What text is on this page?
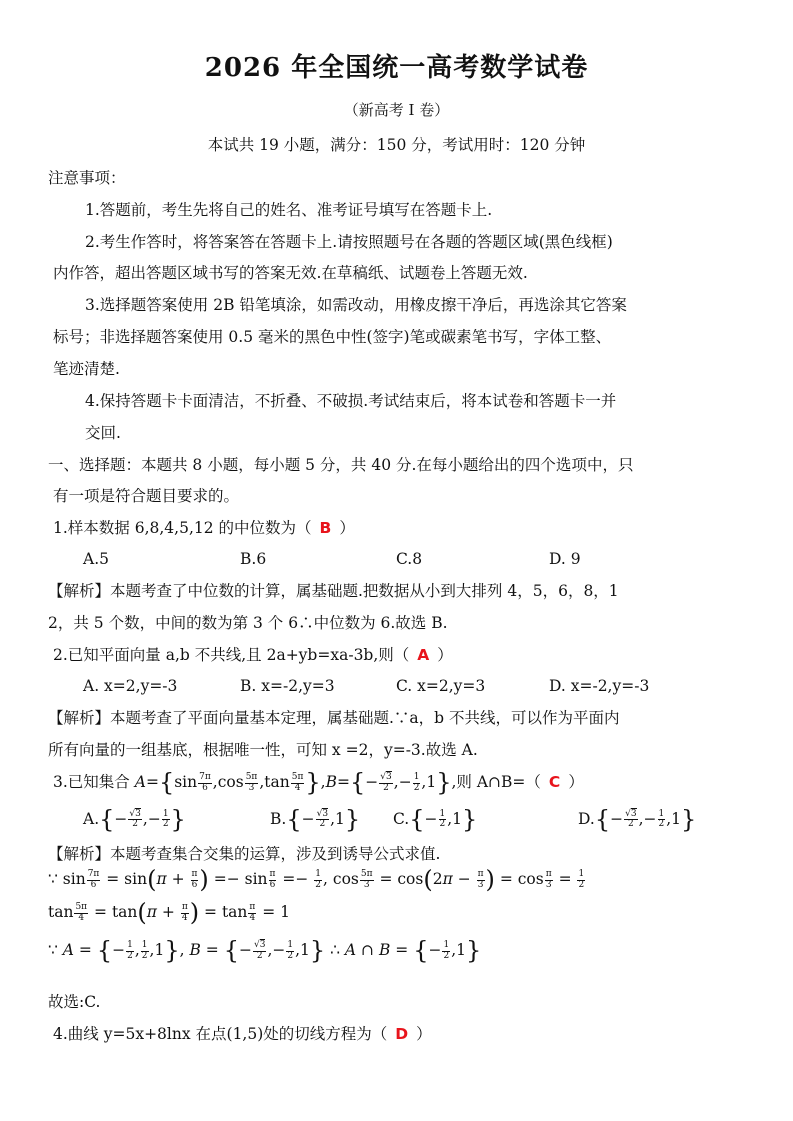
2026 年全国统一高考数学试卷
（新高考 I 卷）
本试共 19 小题，满分：150 分，考试用时：120 分钟
注意事项：
1.答题前，考生先将自己的姓名、准考证号填写在答题卡上.
2.考生作答时，将答案答在答题卡上.请按照题号在各题的答题区域(黑色线框)
内作答，超出答题区域书写的答案无效.在草稿纸、试题卷上答题无效.
3.选择题答案使用 2B 铅笔填涂，如需改动，用橡皮擦干净后，再选涂其它答案
标号；非选择题答案使用 0.5 毫米的黑色中性(签字)笔或碳素笔书写，字体工整、
笔迹清楚.
4.保持答题卡卡面清洁，不折叠、不破损.考试结束后，将本试卷和答题卡一并
交回.
一、选择题：本题共 8 小题，每小题 5 分，共 40 分.在每小题给出的四个选项中，只
有一项是符合题目要求的。
1.样本数据 6,8,4,5,12 的中位数为（ B ）
A.5	B.6	C.8	D. 9
【解析】本题考查了中位数的计算，属基础题.把数据从小到大排列 4，5，6，8，1
2，共 5 个数，中间的数为第 3 个 6∴中位数为 6.故选 B.
2.已知平面向量 a,b 不共线,且 2a+yb=xa-3b,则（ A ）
A. x=2,y=-3	B. x=-2,y=3	C. x=2,y=3	D. x=-2,y=-3
【解析】本题考查了平面向量基本定理，属基础题.∵a，b 不共线，可以作为平面内
所有向量的一组基底，根据唯一性，可知 x =2，y=-3.故选 A.
3.已知集合 $A=\{\sin \frac{7\pi}{6} ,\cos \frac{5\pi}{3} ,\tan \frac{5\pi}{4} \},B=\{- \frac{√3}{2}$ ,− $\frac{1}{2} ,1$},则 A∩B=（ C ）
$A.\{- \frac{√3}{2}$ ,− $\frac{1}{2}$ }	$B.\{- \frac{√3}{2} ,1\}$ $C.\{- \frac{1}{2} ,1\}$	$D.\{- \frac{√3}{2}$ ,− $\frac{1}{2} ,1$}
【解析】本题考查集合交集的运算，涉及到诱导公式求值.
∵ $\sin \frac{7\pi}{6} = \sin(\pi + \frac{\pi}{6}$ ) =− $\sin \frac{\pi}{6} =- \frac{1}{2}$ , $\cos \frac{5\pi}{3} = \cos(2\pi - \frac{\pi}{3}$ ) = $\cos \frac{\pi}{3} = \frac{1}{2}$
$\tan \frac{5\pi}{4} = \tan(\pi + \frac{\pi}{4}$ ) = $\tan \frac{\pi}{4} = 1$
∵ A = {− $\frac{1}{2}$ , $\frac{1}{2} ,1$}, B = {− $\frac{√3}{2}$ ,− $\frac{1}{2} ,1$} ∴ A ∩ B = {− $\frac{1}{2} ,1$}
故选:C.
4.曲线 y=5x+8lnx 在点(1,5)处的切线方程为（ D ）
